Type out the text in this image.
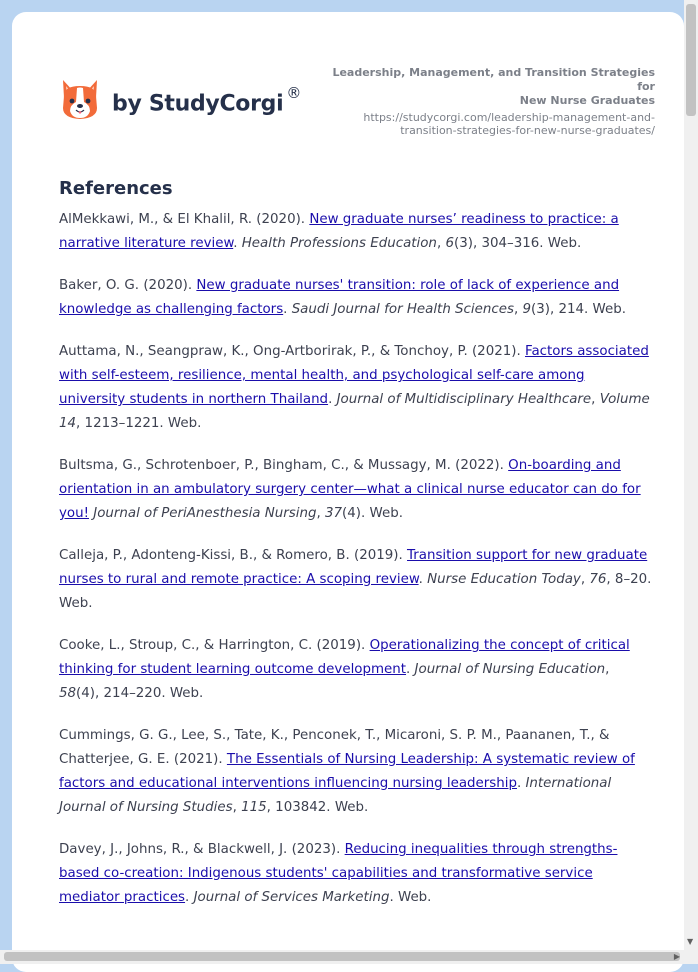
by StudyCorgi ®
Leadership, Management, and Transition Strategies for
New Nurse Graduates
https://studycorgi.com/leadership-management-and-
transition-strategies-for-new-nurse-graduates/
References

AlMekkawi, M., & El Khalil, R. (2020). New graduate nurses’ readiness to practice: a narrative literature review. Health Professions Education, 6(3), 304–316. Web.

Baker, O. G. (2020). New graduate nurses' transition: role of lack of experience and knowledge as challenging factors. Saudi Journal for Health Sciences, 9(3), 214. Web.

Auttama, N., Seangpraw, K., Ong-Artborirak, P., & Tonchoy, P. (2021). Factors associated with self-esteem, resilience, mental health, and psychological self-care among university students in northern Thailand. Journal of Multidisciplinary Healthcare, Volume 14, 1213–1221. Web.

Bultsma, G., Schrotenboer, P., Bingham, C., & Mussagy, M. (2022). On-boarding and orientation in an ambulatory surgery center—what a clinical nurse educator can do for you! Journal of PeriAnesthesia Nursing, 37(4). Web.

Calleja, P., Adonteng-Kissi, B., & Romero, B. (2019). Transition support for new graduate nurses to rural and remote practice: A scoping review. Nurse Education Today, 76, 8–20. Web.

Cooke, L., Stroup, C., & Harrington, C. (2019). Operationalizing the concept of critical thinking for student learning outcome development. Journal of Nursing Education, 58(4), 214–220. Web.

Cummings, G. G., Lee, S., Tate, K., Penconek, T., Micaroni, S. P. M., Paananen, T., & Chatterjee, G. E. (2021). The Essentials of Nursing Leadership: A systematic review of factors and educational interventions influencing nursing leadership. International Journal of Nursing Studies, 115, 103842. Web.

Davey, J., Johns, R., & Blackwell, J. (2023). Reducing inequalities through strengths-based co-creation: Indigenous students' capabilities and transformative service mediator practices. Journal of Services Marketing. Web.

▼
▶
